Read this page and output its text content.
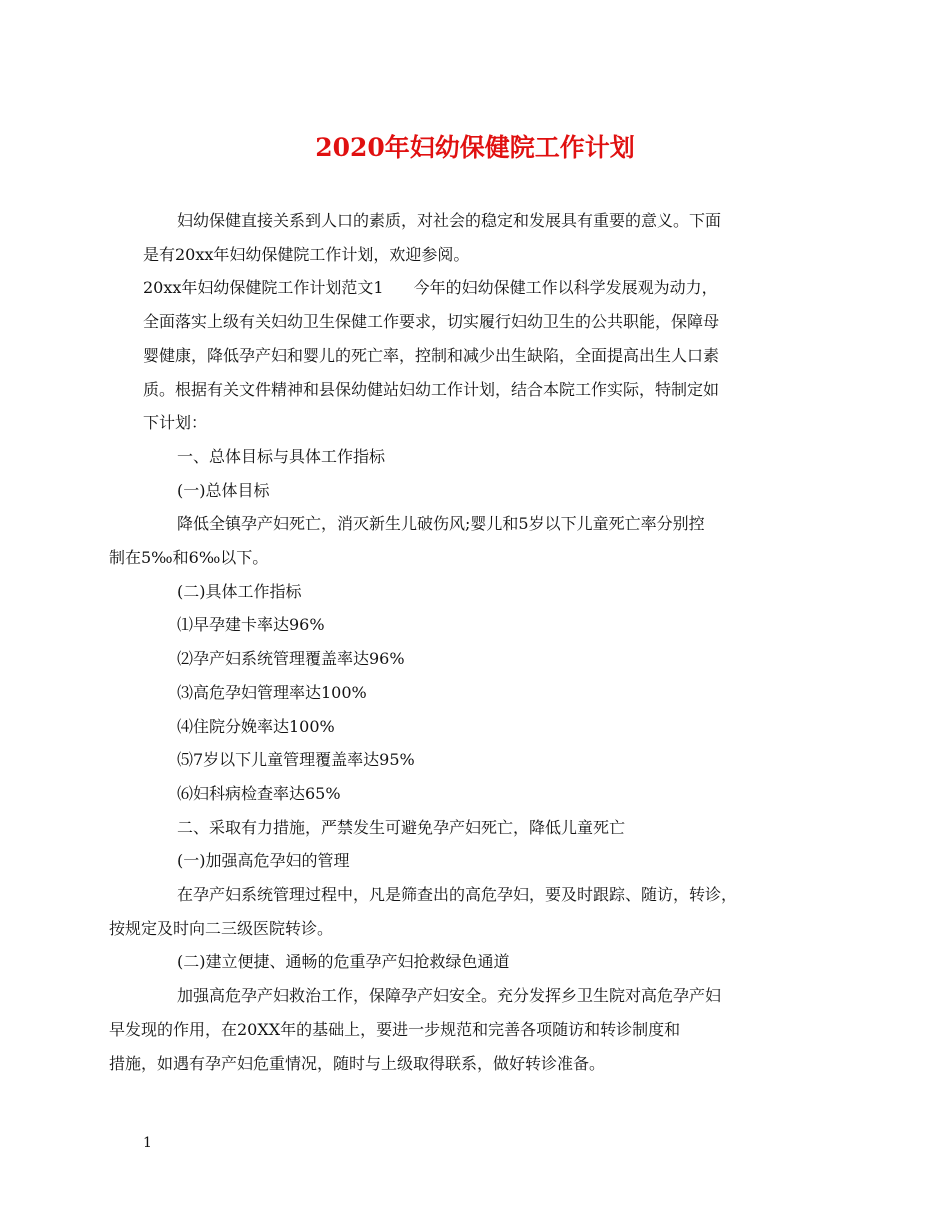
2020年妇幼保健院工作计划
妇幼保健直接关系到人口的素质，对社会的稳定和发展具有重要的意义。下面
是有20xx年妇幼保健院工作计划，欢迎参阅。
20xx年妇幼保健院工作计划范文1 今年的妇幼保健工作以科学发展观为动力，
全面落实上级有关妇幼卫生保健工作要求，切实履行妇幼卫生的公共职能，保障母
婴健康，降低孕产妇和婴儿的死亡率，控制和减少出生缺陷，全面提高出生人口素
质。根据有关文件精神和县保幼健站妇幼工作计划，结合本院工作实际，特制定如
下计划：
一、总体目标与具体工作指标
(一)总体目标
降低全镇孕产妇死亡，消灭新生儿破伤风;婴儿和5岁以下儿童死亡率分别控
制在5‰和6‰以下。
(二)具体工作指标
⑴早孕建卡率达96%
⑵孕产妇系统管理覆盖率达96%
⑶高危孕妇管理率达100%
⑷住院分娩率达100%
⑸7岁以下儿童管理覆盖率达95%
⑹妇科病检查率达65%
二、采取有力措施，严禁发生可避免孕产妇死亡，降低儿童死亡
(一)加强高危孕妇的管理
在孕产妇系统管理过程中，凡是筛查出的高危孕妇，要及时跟踪、随访，转诊，
按规定及时向二三级医院转诊。
(二)建立便捷、通畅的危重孕产妇抢救绿色通道
加强高危孕产妇救治工作，保障孕产妇安全。充分发挥乡卫生院对高危孕产妇
早发现的作用，在20XX年的基础上，要进一步规范和完善各项随访和转诊制度和
措施，如遇有孕产妇危重情况，随时与上级取得联系，做好转诊准备。
1
